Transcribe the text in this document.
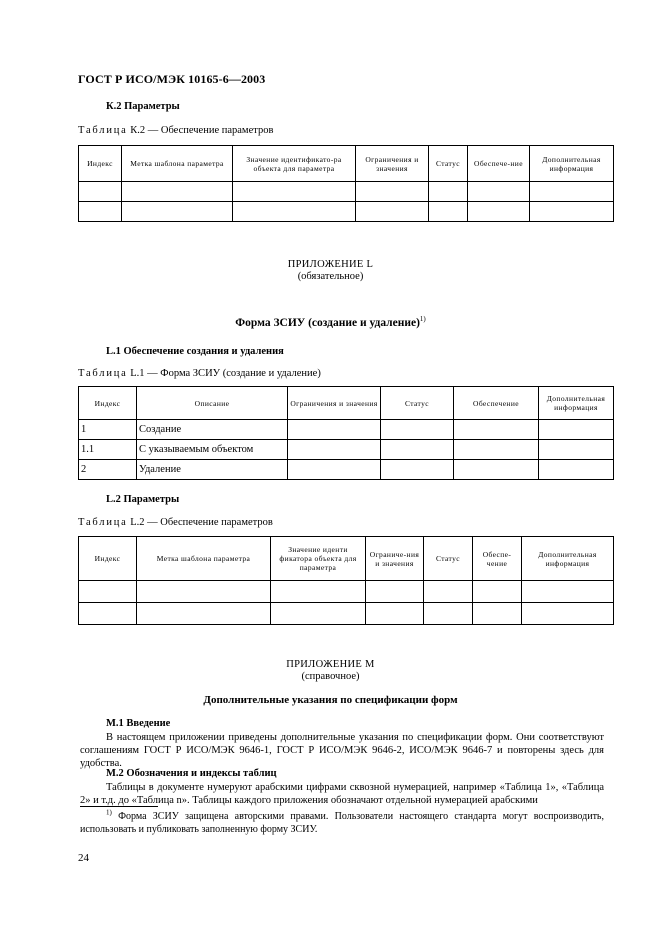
ГОСТ Р ИСО/МЭК 10165-6—2003
К.2 Параметры
Таблица К.2 — Обеспечение параметров
Индекс	Метка шаблона параметра	Значение идентификато-ра объекта для параметра	Ограничения и значения	Статус	Обеспече-ние	Дополнительная информация

ПРИЛОЖЕНИЕ L
(обязательное)
Форма ЗСИУ (создание и удаление)$^{1)}$
L.1 Обеспечение создания и удаления
Таблица L.1 — Форма ЗСИУ (создание и удаление)
Индекс	Описание	Ограничения и значения	Статус	Обеспечение	Дополнительная информация
1	Создание				
1.1	С указываемым объектом				
2	Удаление				
L.2 Параметры
Таблица L.2 — Обеспечение параметров
Индекс	Метка шаблона параметра	Значение иденти фикатора объекта для параметра	Ограниче-ния и значения	Статус	Обеспе-чение	Дополнительная информация

ПРИЛОЖЕНИЕ М
(справочное)
Дополнительные указания по спецификации форм
М.1 Введение
В настоящем приложении приведены дополнительные указания по спецификации форм. Они соответствуют соглашениям ГОСТ Р ИСО/МЭК 9646-1, ГОСТ Р ИСО/МЭК 9646-2, ИСО/МЭК 9646-7 и повторены здесь для удобства.
М.2 Обозначения и индексы таблиц
Таблицы в документе нумеруют арабскими цифрами сквозной нумерацией, например «Таблица 1», «Таблица 2» и т.д. до «Таблица n». Таблицы каждого приложения обозначают отдельной нумерацией арабскими
$^{1)}$ Форма ЗСИУ защищена авторскими правами. Пользователи настоящего стандарта могут воспроизводить, использовать и публиковать заполненную форму ЗСИУ.
24
